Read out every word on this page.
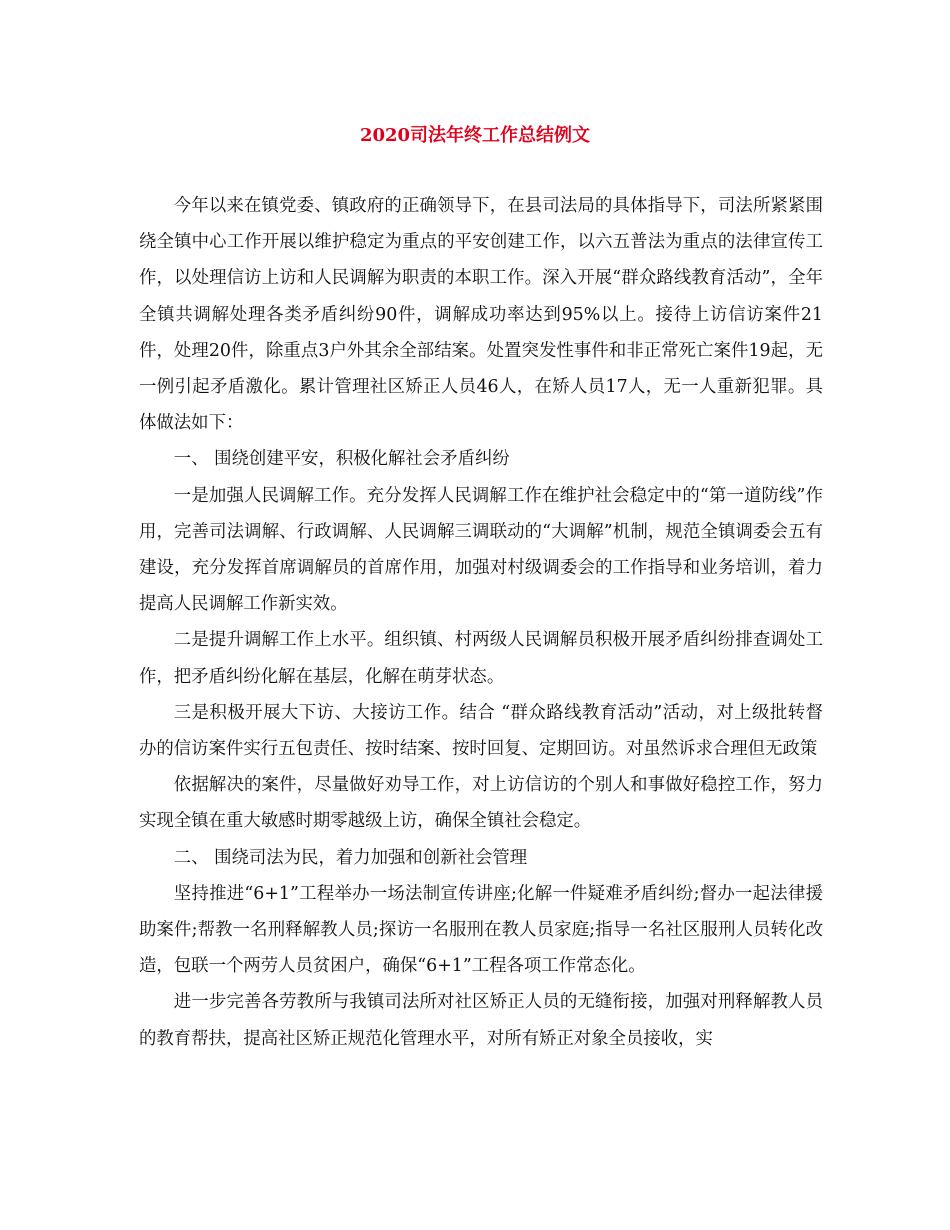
2020司法年终工作总结例文

今年以来在镇党委、镇政府的正确领导下，在县司法局的具体指导下，司法所紧紧围绕全镇中心工作开展以维护稳定为重点的平安创建工作，以六五普法为重点的法律宣传工作，以处理信访上访和人民调解为职责的本职工作。深入开展“群众路线教育活动”，全年全镇共调解处理各类矛盾纠纷90件，调解成功率达到95%以上。接待上访信访案件21件，处理20件，除重点3户外其余全部结案。处置突发性事件和非正常死亡案件19起，无一例引起矛盾激化。累计管理社区矫正人员46人，在矫人员17人，无一人重新犯罪。具体做法如下：

一、 围绕创建平安，积极化解社会矛盾纠纷

一是加强人民调解工作。充分发挥人民调解工作在维护社会稳定中的“第一道防线”作用，完善司法调解、行政调解、人民调解三调联动的“大调解”机制，规范全镇调委会五有建设，充分发挥首席调解员的首席作用，加强对村级调委会的工作指导和业务培训，着力提高人民调解工作新实效。

二是提升调解工作上水平。组织镇、村两级人民调解员积极开展矛盾纠纷排查调处工作，把矛盾纠纷化解在基层，化解在萌芽状态。

三是积极开展大下访、大接访工作。结合 “群众路线教育活动”活动，对上级批转督办的信访案件实行五包责任、按时结案、按时回复、定期回访。对虽然诉求合理但无政策

依据解决的案件，尽量做好劝导工作，对上访信访的个别人和事做好稳控工作，努力实现全镇在重大敏感时期零越级上访，确保全镇社会稳定。

二、 围绕司法为民，着力加强和创新社会管理

坚持推进“6+1”工程举办一场法制宣传讲座;化解一件疑难矛盾纠纷;督办一起法律援助案件;帮教一名刑释解教人员;探访一名服刑在教人员家庭;指导一名社区服刑人员转化改造，包联一个两劳人员贫困户，确保“6+1”工程各项工作常态化。

进一步完善各劳教所与我镇司法所对社区矫正人员的无缝衔接，加强对刑释解教人员的教育帮扶，提高社区矫正规范化管理水平，对所有矫正对象全员接收，实
